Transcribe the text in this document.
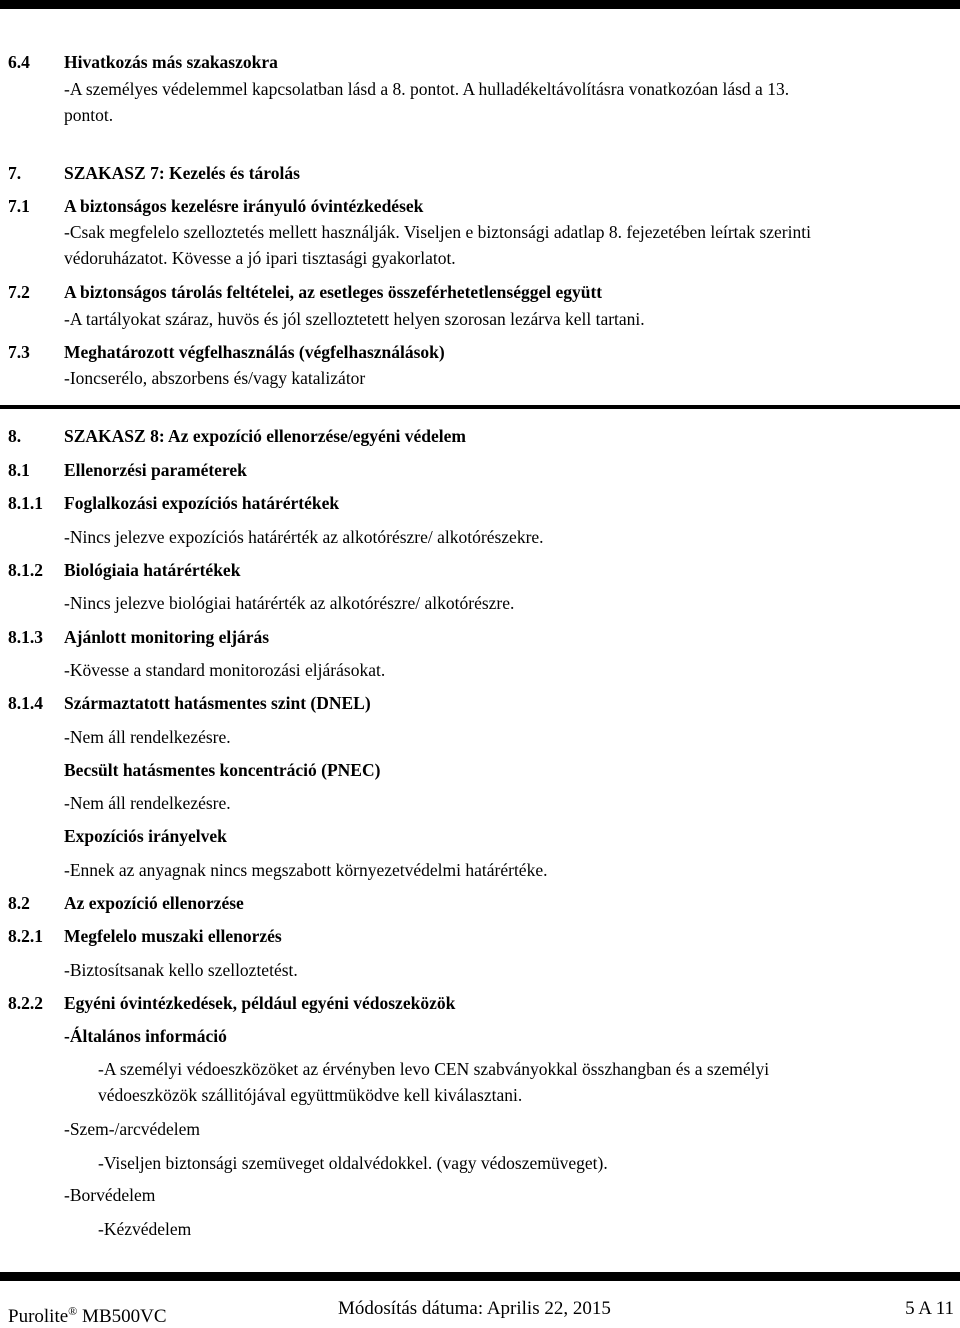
6.4 Hivatkozás más szakaszokra
-A személyes védelemmel kapcsolatban lásd a 8. pontot. A hulladékeltávolításra vonatkozóan lásd a 13.
pontot.
7. SZAKASZ 7: Kezelés és tárolás
7.1 A biztonságos kezelésre irányuló óvintézkedések
-Csak megfelelo szelloztetés mellett használják. Viseljen e biztonsági adatlap 8. fejezetében leírtak szerinti
védoruházatot. Kövesse a jó ipari tisztasági gyakorlatot.
7.2 A biztonságos tárolás feltételei, az esetleges összeférhetetlenséggel együtt
-A tartályokat száraz, huvös és jól szelloztetett helyen szorosan lezárva kell tartani.
7.3 Meghatározott végfelhasználás (végfelhasználások)
-Ioncserélo, abszorbens és/vagy katalizátor
8. SZAKASZ 8: Az expozíció ellenorzése/egyéni védelem
8.1 Ellenorzési paraméterek
8.1.1 Foglalkozási expozíciós határértékek
-Nincs jelezve expozíciós határérték az alkotórészre/ alkotórészekre.
8.1.2 Biológiaia határértékek
-Nincs jelezve biológiai határérték az alkotórészre/ alkotórészre.
8.1.3 Ajánlott monitoring eljárás
-Kövesse a standard monitorozási eljárásokat.
8.1.4 Származtatott hatásmentes szint (DNEL)
-Nem áll rendelkezésre.
Becsült hatásmentes koncentráció (PNEC)
-Nem áll rendelkezésre.
Expozíciós irányelvek
-Ennek az anyagnak nincs megszabott környezetvédelmi határértéke.
8.2 Az expozíció ellenorzése
8.2.1 Megfelelo muszaki ellenorzés
-Biztosítsanak kello szelloztetést.
8.2.2 Egyéni óvintézkedések, például egyéni védoszeközök
-Általános információ
-A személyi védoeszközöket az érvényben levo CEN szabványokkal összhangban és a személyi
védoeszközök szállitójával együttmüködve kell kiválasztani.
-Szem-/arcvédelem
-Viseljen biztonsági szemüveget oldalvédokkel. (vagy védoszemüveget).
-Borvédelem
-Kézvédelem
Purolite® MB500VC	Módosítás dátuma: Aprilis 22, 2015	5 A 11
